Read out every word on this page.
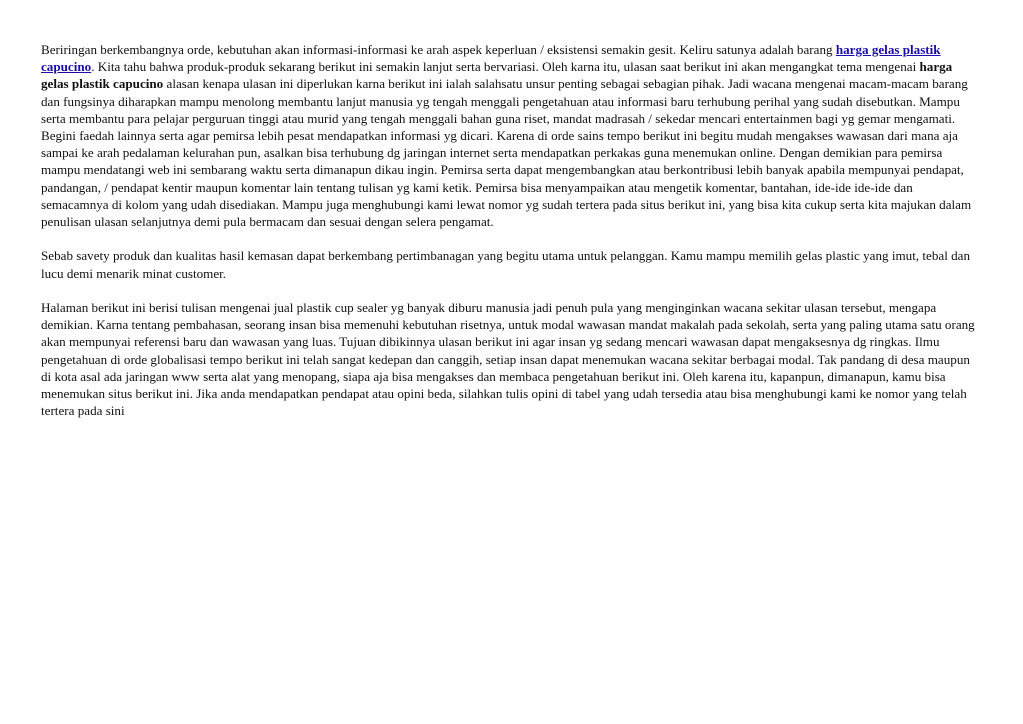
Beriringan berkembangnya orde, kebutuhan akan informasi-informasi ke arah aspek keperluan / eksistensi semakin gesit. Keliru satunya adalah barang harga gelas plastik capucino. Kita tahu bahwa produk-produk sekarang berikut ini semakin lanjut serta bervariasi. Oleh karna itu, ulasan saat berikut ini akan mengangkat tema mengenai harga gelas plastik capucino alasan kenapa ulasan ini diperlukan karna berikut ini ialah salahsatu unsur penting sebagai sebagian pihak. Jadi wacana mengenai macam-macam barang dan fungsinya diharapkan mampu menolong membantu lanjut manusia yg tengah menggali pengetahuan atau informasi baru terhubung perihal yang sudah disebutkan. Mampu serta membantu para pelajar perguruan tinggi atau murid yang tengah menggali bahan guna riset, mandat madrasah / sekedar mencari entertainmen bagi yg gemar mengamati. Begini faedah lainnya serta agar pemirsa lebih pesat mendapatkan informasi yg dicari. Karena di orde sains tempo berikut ini begitu mudah mengakses wawasan dari mana aja sampai ke arah pedalaman kelurahan pun, asalkan bisa terhubung dg jaringan internet serta mendapatkan perkakas guna menemukan online. Dengan demikian para pemirsa mampu mendatangi web ini sembarang waktu serta dimanapun dikau ingin. Pemirsa serta dapat mengembangkan atau berkontribusi lebih banyak apabila mempunyai pendapat, pandangan, / pendapat kentir maupun komentar lain tentang tulisan yg kami ketik. Pemirsa bisa menyampaikan atau mengetik komentar, bantahan, ide-ide ide-ide dan semacamnya di kolom yang udah disediakan. Mampu juga menghubungi kami lewat nomor yg sudah tertera pada situs berikut ini, yang bisa kita cukup serta kita majukan dalam penulisan ulasan selanjutnya demi pula bermacam dan sesuai dengan selera pengamat.

Sebab savety produk dan kualitas hasil kemasan dapat berkembang pertimbanagan yang begitu utama untuk pelanggan. Kamu mampu memilih gelas plastic yang imut, tebal dan lucu demi menarik minat customer.

Halaman berikut ini berisi tulisan mengenai jual plastik cup sealer yg banyak diburu manusia jadi penuh pula yang menginginkan wacana sekitar ulasan tersebut, mengapa demikian. Karna tentang pembahasan, seorang insan bisa memenuhi kebutuhan risetnya, untuk modal wawasan mandat makalah pada sekolah, serta yang paling utama satu orang akan mempunyai referensi baru dan wawasan yang luas. Tujuan dibikinnya ulasan berikut ini agar insan yg sedang mencari wawasan dapat mengaksesnya dg ringkas. Ilmu pengetahuan di orde globalisasi tempo berikut ini telah sangat kedepan dan canggih, setiap insan dapat menemukan wacana sekitar berbagai modal. Tak pandang di desa maupun di kota asal ada jaringan www serta alat yang menopang, siapa aja bisa mengakses dan membaca pengetahuan berikut ini. Oleh karena itu, kapanpun, dimanapun, kamu bisa menemukan situs berikut ini. Jika anda mendapatkan pendapat atau opini beda, silahkan tulis opini di tabel yang udah tersedia atau bisa menghubungi kami ke nomor yang telah tertera pada sini
